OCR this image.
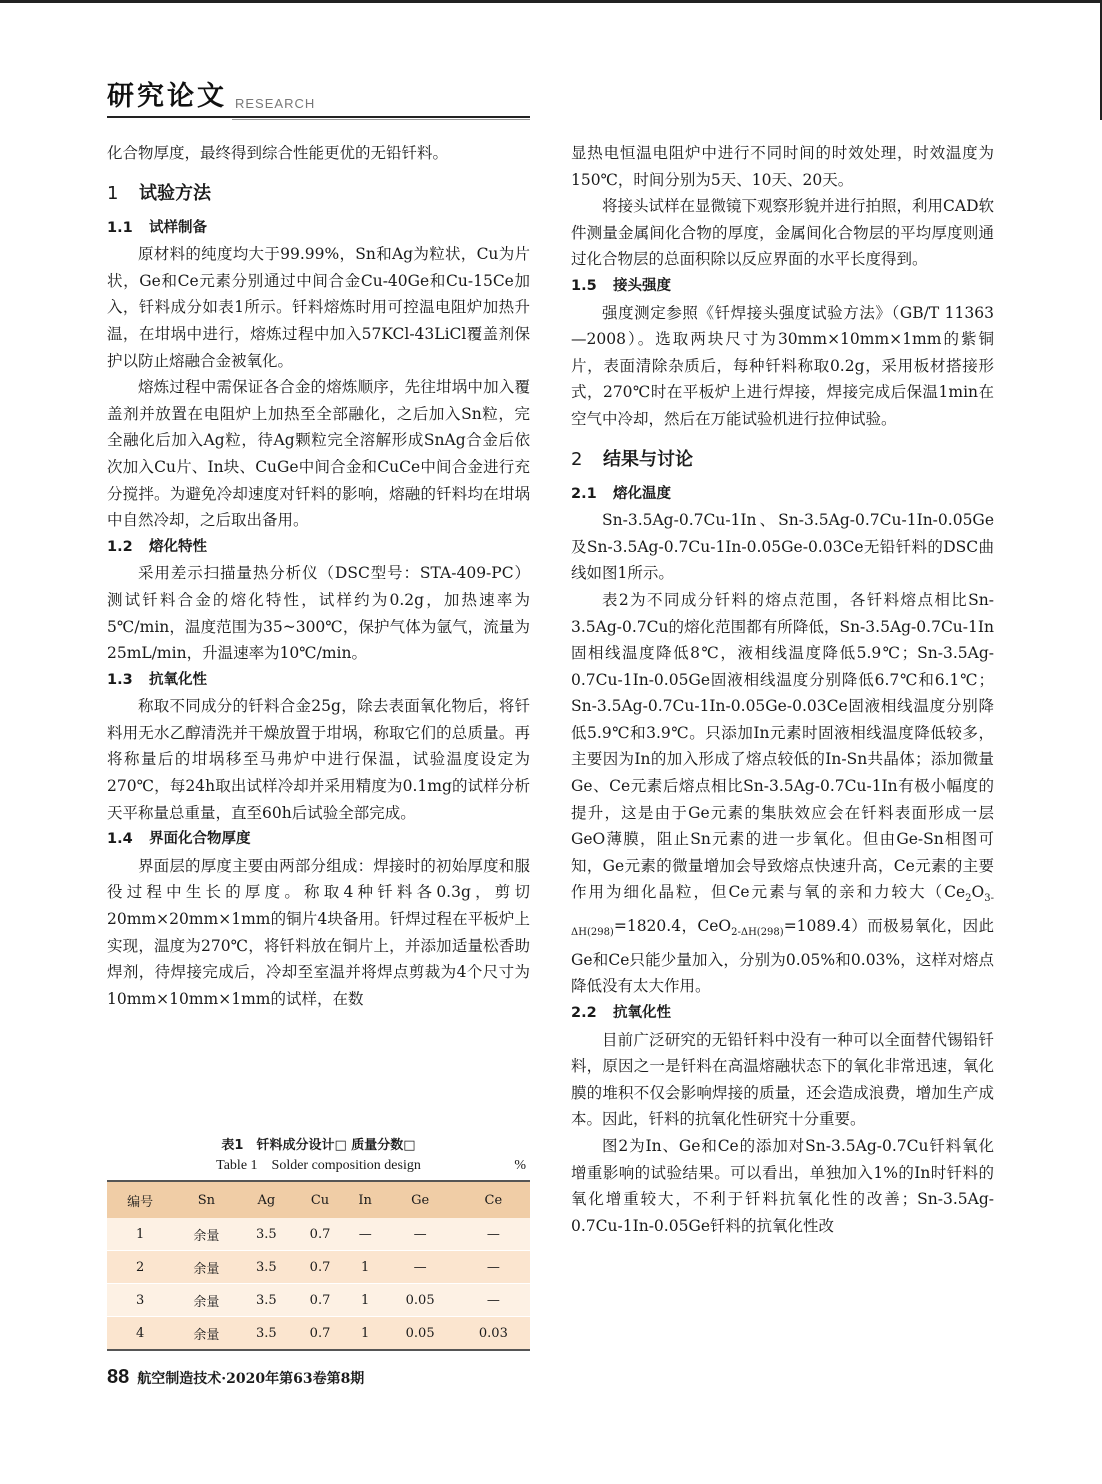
研究论文 RESEARCH

化合物厚度，最终得到综合性能更优的无铅钎料。

1 试验方法
1.1 试样制备

原材料的纯度均大于99.99%，Sn和Ag为粒状，Cu为片状，Ge和Ce元素分别通过中间合金Cu-40Ge和Cu-15Ce加入，钎料成分如表1所示。钎料熔炼时用可控温电阻炉加热升温，在坩埚中进行，熔炼过程中加入57KCl-43LiCl覆盖剂保护以防止熔融合金被氧化。

熔炼过程中需保证各合金的熔炼顺序，先往坩埚中加入覆盖剂并放置在电阻炉上加热至全部融化，之后加入Sn粒，完全融化后加入Ag粒，待Ag颗粒完全溶解形成SnAg合金后依次加入Cu片、In块、CuGe中间合金和CuCe中间合金进行充分搅拌。为避免冷却速度对钎料的影响，熔融的钎料均在坩埚中自然冷却，之后取出备用。

1.2 熔化特性

采用差示扫描量热分析仪（DSC型号：STA-409-PC）测试钎料合金的熔化特性，试样约为0.2g，加热速率为5℃/min，温度范围为35~300℃，保护气体为氩气，流量为25mL/min，升温速率为10℃/min。

1.3 抗氧化性

称取不同成分的钎料合金25g，除去表面氧化物后，将钎料用无水乙醇清洗并干燥放置于坩埚，称取它们的总质量。再将称量后的坩埚移至马弗炉中进行保温，试验温度设定为270℃，每24h取出试样冷却并采用精度为0.1mg的试样分析天平称量总重量，直至60h后试验全部完成。

1.4 界面化合物厚度

界面层的厚度主要由两部分组成：焊接时的初始厚度和服役过程中生长的厚度。称取4种钎料各0.3g，剪切20mm×20mm×1mm的铜片4块备用。钎焊过程在平板炉上实现，温度为270℃，将钎料放在铜片上，并添加适量松香助焊剂，待焊接完成后，冷却至室温并将焊点剪裁为4个尺寸为10mm×10mm×1mm的试样，在数

表1　钎料成分设计□ 质量分数□
Table 1　Solder composition design	%
编号	Sn	Ag	Cu	In	Ge	Ce
1	余量	3.5	0.7	—	—	—
2	余量	3.5	0.7	1	—	—
3	余量	3.5	0.7	1	0.05	—
4	余量	3.5	0.7	1	0.05	0.03

显热电恒温电阻炉中进行不同时间的时效处理，时效温度为150℃，时间分别为5天、10天、20天。

将接头试样在显微镜下观察形貌并进行拍照，利用CAD软件测量金属间化合物的厚度，金属间化合物层的平均厚度则通过化合物层的总面积除以反应界面的水平长度得到。

1.5 接头强度

强度测定参照《钎焊接头强度试验方法》（GB/T 11363—2008）。选取两块尺寸为30mm×10mm×1mm的紫铜片，表面清除杂质后，每种钎料称取0.2g，采用板材搭接形式，270℃时在平板炉上进行焊接，焊接完成后保温1min在空气中冷却，然后在万能试验机进行拉伸试验。

2 结果与讨论
2.1 熔化温度

Sn-3.5Ag-0.7Cu-1In、Sn-3.5Ag-0.7Cu-1In-0.05Ge及Sn-3.5Ag-0.7Cu-1In-0.05Ge-0.03Ce无铅钎料的DSC曲线如图1所示。

表2为不同成分钎料的熔点范围，各钎料熔点相比Sn-3.5Ag-0.7Cu的熔化范围都有所降低，Sn-3.5Ag-0.7Cu-1In固相线温度降低8℃，液相线温度降低5.9℃；Sn-3.5Ag-0.7Cu-1In-0.05Ge固液相线温度分别降低6.7℃和6.1℃；Sn-3.5Ag-0.7Cu-1In-0.05Ge-0.03Ce固液相线温度分别降低5.9℃和3.9℃。只添加In元素时固液相线温度降低较多，主要因为In的加入形成了熔点较低的In-Sn共晶体；添加微量Ge、Ce元素后熔点相比Sn-3.5Ag-0.7Cu-1In有极小幅度的提升，这是由于Ge元素的集肤效应会在钎料表面形成一层GeO薄膜，阻止Sn元素的进一步氧化。但由Ge-Sn相图可知，Ge元素的微量增加会导致熔点快速升高，Ce元素的主要作用为细化晶粒，但Ce元素与氧的亲和力较大（$Ce_2O_{3-\Delta H(298)}=1820.4$，CeO$_{2-\Delta H(298)}$=1089.4）而极易氧化，因此Ge和Ce只能少量加入，分别为0.05%和0.03%，这样对熔点降低没有太大作用。

2.2 抗氧化性

目前广泛研究的无铅钎料中没有一种可以全面替代锡铅钎料，原因之一是钎料在高温熔融状态下的氧化非常迅速，氧化膜的堆积不仅会影响焊接的质量，还会造成浪费，增加生产成本。因此，钎料的抗氧化性研究十分重要。

图2为In、Ge和Ce的添加对Sn-3.5Ag-0.7Cu钎料氧化增重影响的试验结果。可以看出，单独加入1%的In时钎料的氧化增重较大，不利于钎料抗氧化性的改善；Sn-3.5Ag-0.7Cu-1In-0.05Ge钎料的抗氧化性改

88 航空制造技术·2020年第63卷第8期
